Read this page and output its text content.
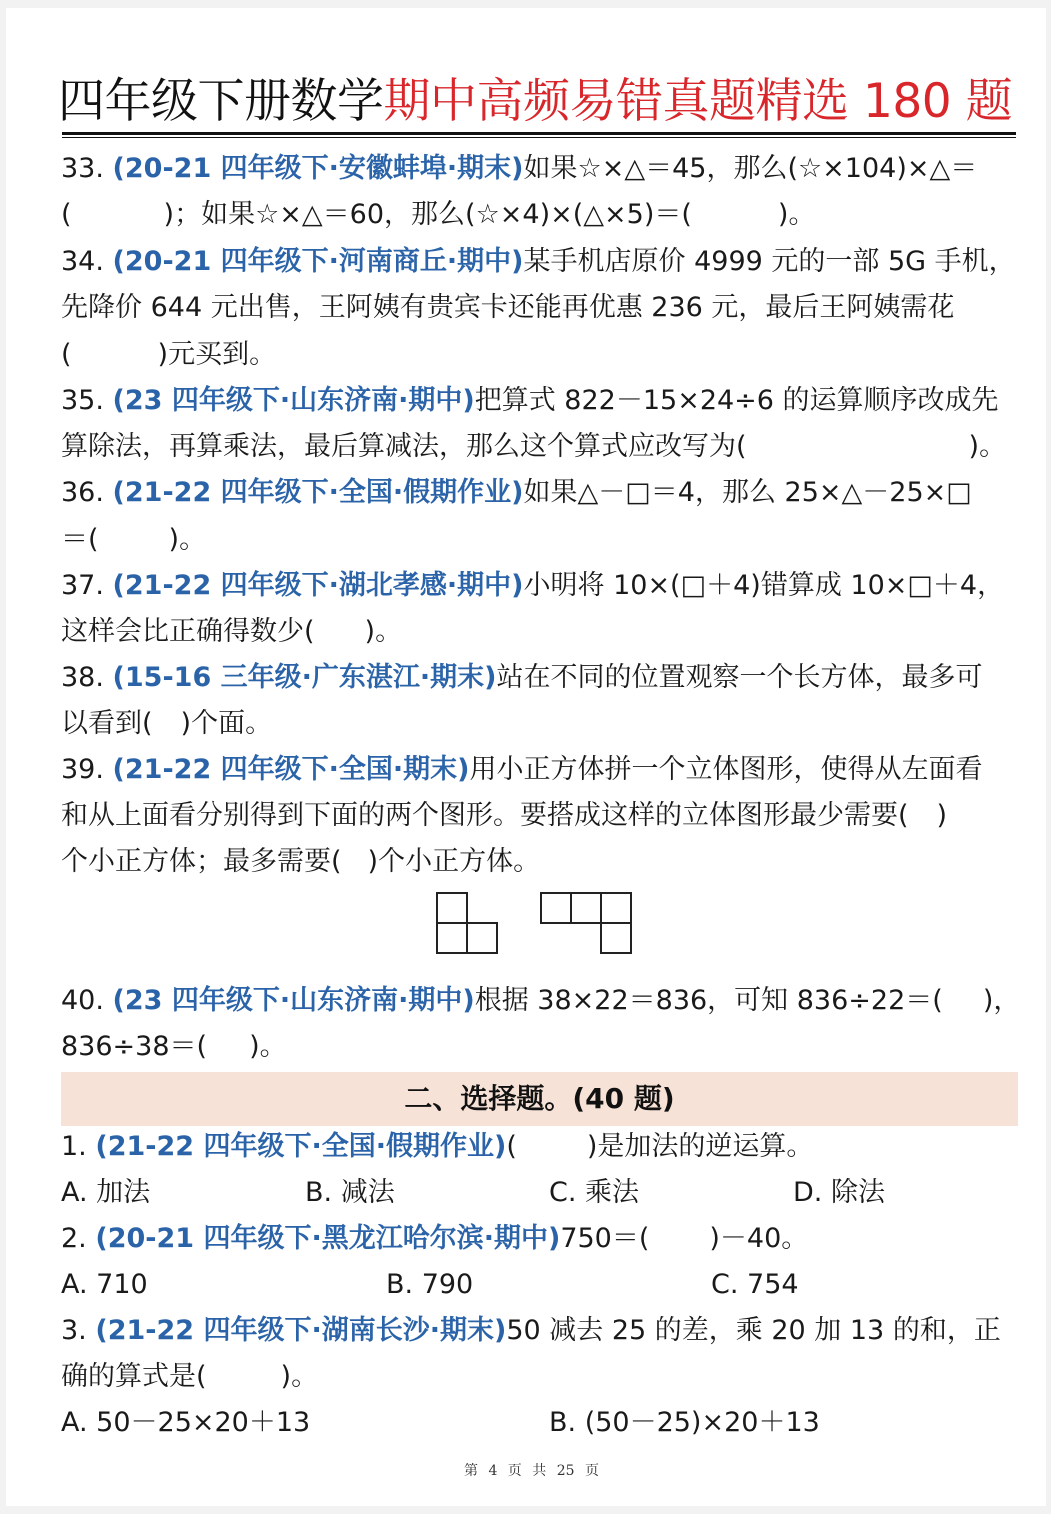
四年级下册数学期中高频易错真题精选 180 题
33. (20-21 四年级下·安徽蚌埠·期末)如果☆×△＝45，那么(☆×104)×△＝
(	)；如果☆×△＝60，那么(☆×4)×(△×5)＝(	)。
34. (20-21 四年级下·河南商丘·期中)某手机店原价 4999 元的一部 5G 手机，
先降价 644 元出售，王阿姨有贵宾卡还能再优惠 236 元，最后王阿姨需花
(	)元买到。
35. (23 四年级下·山东济南·期中)把算式 822－15×24÷6 的运算顺序改成先
算除法，再算乘法，最后算减法，那么这个算式应改写为(	)。
36. (21-22 四年级下·全国·假期作业)如果△－□＝4，那么 25×△－25×□
＝(	)。
37. (21-22 四年级下·湖北孝感·期中)小明将 10×(□＋4)错算成 10×□＋4，
这样会比正确得数少( )。
38. (15-16 三年级·广东湛江·期末)站在不同的位置观察一个长方体，最多可
以看到( )个面。
39. (21-22 四年级下·全国·期末)用小正方体拼一个立体图形，使得从左面看
和从上面看分别得到下面的两个图形。要搭成这样的立体图形最少需要( )
个小正方体；最多需要( )个小正方体。
40. (23 四年级下·山东济南·期中)根据 38×22＝836，可知 836÷22＝( )，
836÷38＝( )。
二、选择题。(40 题)
1. (21-22 四年级下·全国·假期作业)(	)是加法的逆运算。
A. 加法	B. 减法	C. 乘法	D. 除法
2. (20-21 四年级下·黑龙江哈尔滨·期中)750＝( )－40。
A. 710	B. 790	C. 754
3. (21-22 四年级下·湖南长沙·期末)50 减去 25 的差，乘 20 加 13 的和，正
确的算式是(	)。
A. 50－25×20＋13	B. (50－25)×20＋13
第 4 页 共 25 页
